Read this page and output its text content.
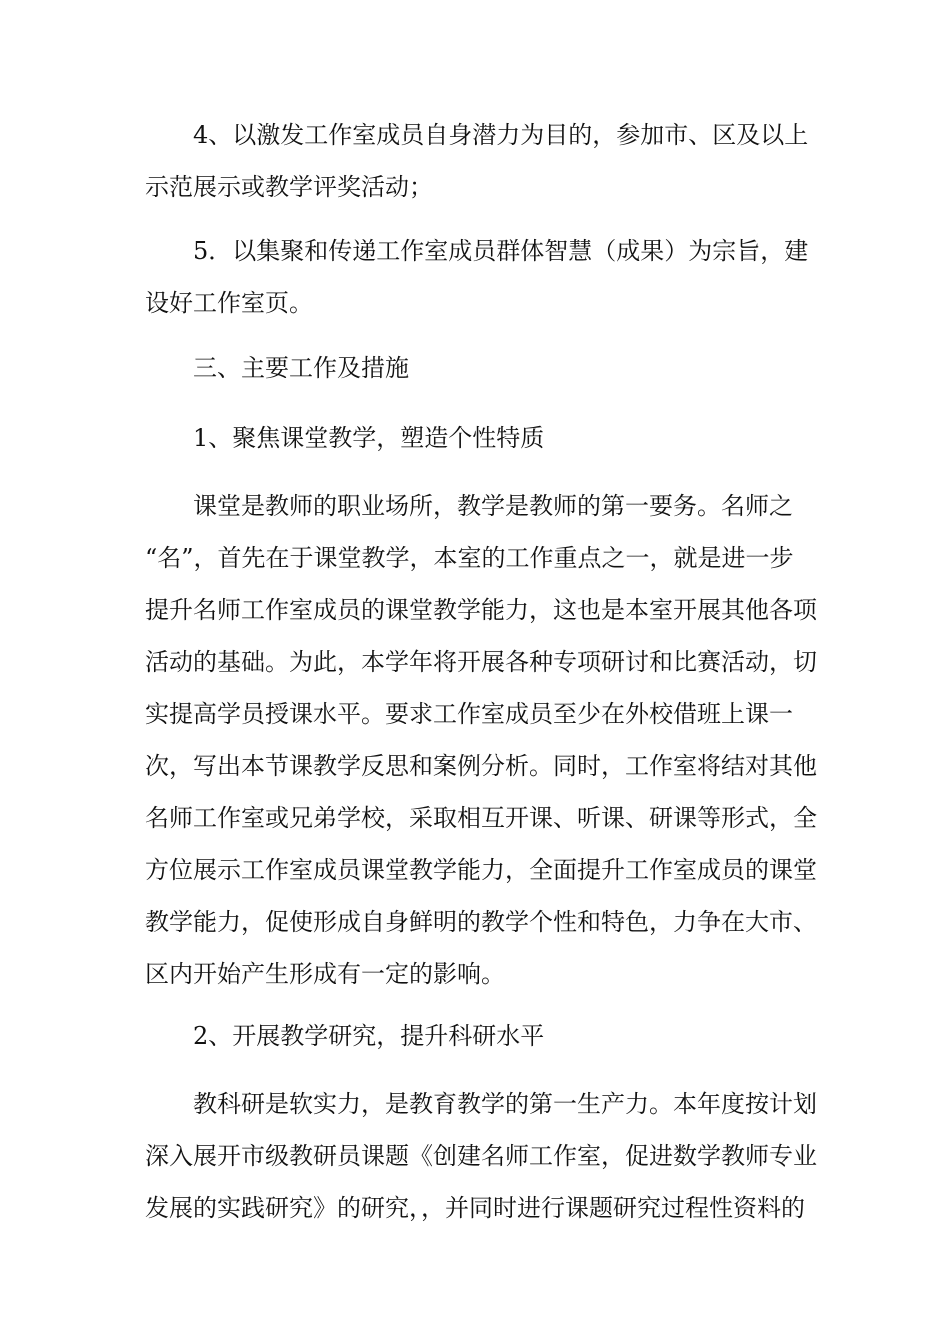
4、以激发工作室成员自身潜力为目的，参加市、区及以上
示范展示或教学评奖活动；
5．以集聚和传递工作室成员群体智慧（成果）为宗旨，建
设好工作室页。
三、主要工作及措施
1、聚焦课堂教学，塑造个性特质
课堂是教师的职业场所，教学是教师的第一要务。名师之
“名”，首先在于课堂教学，本室的工作重点之一，就是进一步
提升名师工作室成员的课堂教学能力，这也是本室开展其他各项
活动的基础。为此，本学年将开展各种专项研讨和比赛活动，切
实提高学员授课水平。要求工作室成员至少在外校借班上课一
次，写出本节课教学反思和案例分析。同时，工作室将结对其他
名师工作室或兄弟学校，采取相互开课、听课、研课等形式，全
方位展示工作室成员课堂教学能力，全面提升工作室成员的课堂
教学能力，促使形成自身鲜明的教学个性和特色，力争在大市、
区内开始产生形成有一定的影响。
2、开展教学研究，提升科研水平
教科研是软实力，是教育教学的第一生产力。本年度按计划
深入展开市级教研员课题《创建名师工作室，促进数学教师专业
发展的实践研究》的研究，，并同时进行课题研究过程性资料的
